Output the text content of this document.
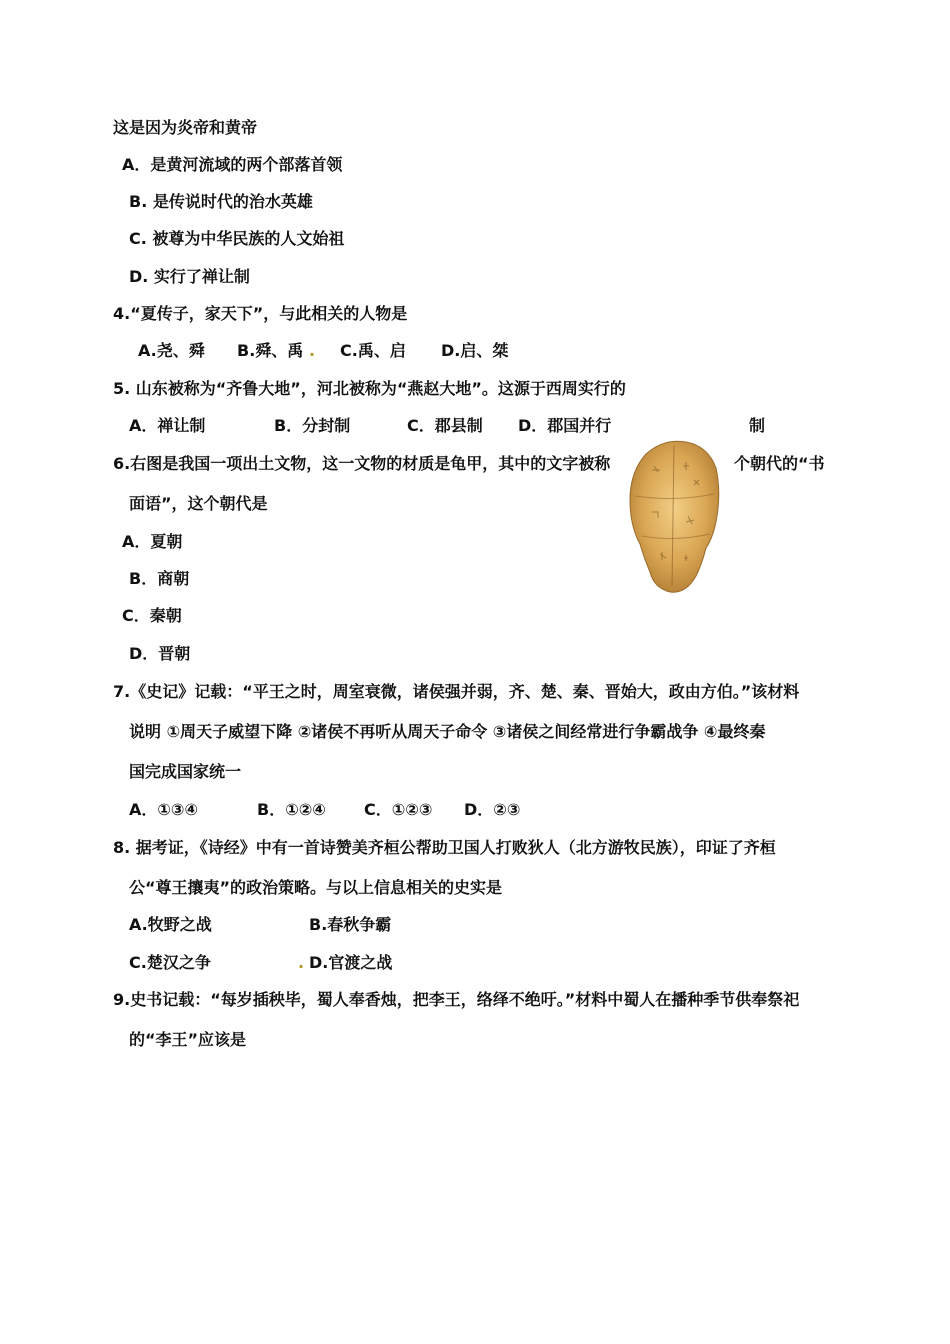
这是因为炎帝和黄帝
A．是黄河流域的两个部落首领
B. 是传说时代的治水英雄
C. 被尊为中华民族的人文始祖
D. 实行了禅让制
4.“夏传子，家天下”，与此相关的人物是
A.尧、舜 B.舜、禹 . C.禹、启 D.启、桀
5. 山东被称为“齐鲁大地”，河北被称为“燕赵大地”。这源于西周实行的
A．禅让制	B．分封制	C．郡县制 D．郡国并行	制
6.右图是我国一项出土文物，这一文物的材质是龟甲，其中的文字被称	个朝代的“书
面语”，这个朝代是
A．夏朝
B．商朝
C．秦朝
D．晋朝
7.《史记》记载：“平王之时，周室衰微，诸侯强并弱，齐、楚、秦、晋始大，政由方伯。”该材料
说明 ①周天子威望下降 ②诸侯不再听从周天子命令 ③诸侯之间经常进行争霸战争 ④最终秦
国完成国家统一
A．①③④	B．①②④ C．①②③ D．②③
8. 据考证，《诗经》中有一首诗赞美齐桓公帮助卫国人打败狄人（北方游牧民族），印证了齐桓
公“尊王攘夷”的政治策略。与以上信息相关的史实是
A.牧野之战	B.春秋争霸
C.楚汉之争	. D.官渡之战
9.史书记载：“每岁插秧毕，蜀人奉香烛，把李王，络绎不绝吁。”材料中蜀人在播种季节供奉祭祀
的“李王”应该是
